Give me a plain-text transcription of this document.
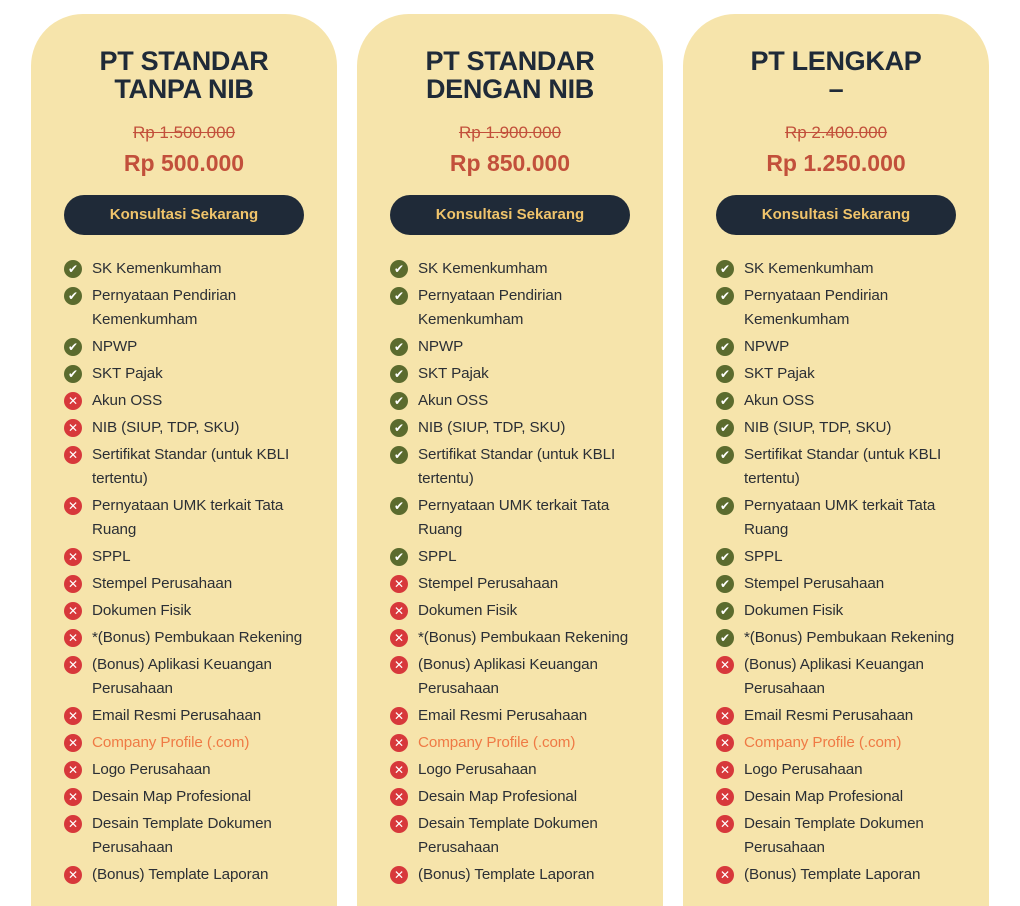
PT STANDAR
TANPA NIB
Rp 1.500.000
Rp 500.000
Konsultasi Sekarang
✔ SK Kemenkumham
✔ Pernyataan Pendirian Kemenkumham
✔ NPWP
✔ SKT Pajak
✕ Akun OSS
✕ NIB (SIUP, TDP, SKU)
✕ Sertifikat Standar (untuk KBLI tertentu)
✕ Pernyataan UMK terkait Tata Ruang
✕ SPPL
✕ Stempel Perusahaan
✕ Dokumen Fisik
✕ *(Bonus) Pembukaan Rekening
✕ (Bonus) Aplikasi Keuangan Perusahaan
✕ Email Resmi Perusahaan
✕ Company Profile (.com)
✕ Logo Perusahaan
✕ Desain Map Profesional
✕ Desain Template Dokumen Perusahaan
✕ (Bonus) Template Laporan
PT STANDAR
DENGAN NIB
Rp 1.900.000
Rp 850.000
Konsultasi Sekarang
✔ SK Kemenkumham
✔ Pernyataan Pendirian Kemenkumham
✔ NPWP
✔ SKT Pajak
✔ Akun OSS
✔ NIB (SIUP, TDP, SKU)
✔ Sertifikat Standar (untuk KBLI tertentu)
✔ Pernyataan UMK terkait Tata Ruang
✔ SPPL
✕ Stempel Perusahaan
✕ Dokumen Fisik
✕ *(Bonus) Pembukaan Rekening
✕ (Bonus) Aplikasi Keuangan Perusahaan
✕ Email Resmi Perusahaan
✕ Company Profile (.com)
✕ Logo Perusahaan
✕ Desain Map Profesional
✕ Desain Template Dokumen Perusahaan
✕ (Bonus) Template Laporan
PT LENGKAP
–
Rp 2.400.000
Rp 1.250.000
Konsultasi Sekarang
✔ SK Kemenkumham
✔ Pernyataan Pendirian Kemenkumham
✔ NPWP
✔ SKT Pajak
✔ Akun OSS
✔ NIB (SIUP, TDP, SKU)
✔ Sertifikat Standar (untuk KBLI tertentu)
✔ Pernyataan UMK terkait Tata Ruang
✔ SPPL
✔ Stempel Perusahaan
✔ Dokumen Fisik
✔ *(Bonus) Pembukaan Rekening
✕ (Bonus) Aplikasi Keuangan Perusahaan
✕ Email Resmi Perusahaan
✕ Company Profile (.com)
✕ Logo Perusahaan
✕ Desain Map Profesional
✕ Desain Template Dokumen Perusahaan
✕ (Bonus) Template Laporan
